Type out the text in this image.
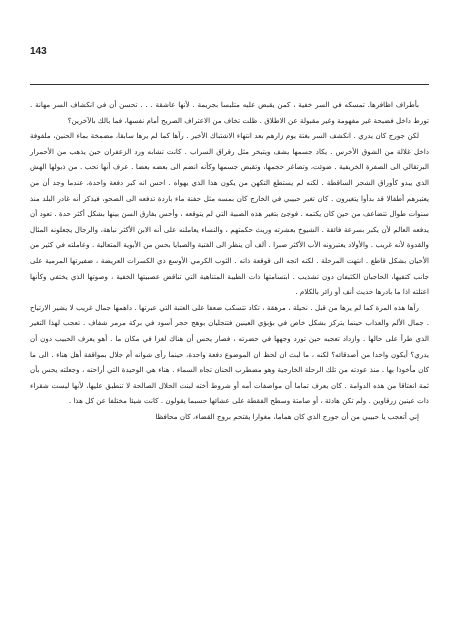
143

بأطراف اظافرها. تمسكه في السر خفية ، كمن يقبض عليه متلبسا بجريمة . لأنها عاشقة . . . تحسن أن في انكشاف السر مهانة . تورط داخل فضيحة غير مفهومة وغير مقبولة عن الاطلاق . ظلت تخاف من الاعتراف الصريح أمام نفسها، فما بالك بالآخرين؟

لكن جورج كان يدري . انكشف السر بغتة يوم زارهم بعد انتهاء الاشتباك الأخير . رآها كما لم يرها سابقا، مضمخة بماء الحنين، ملفوفة داخل غلالة من الشوق الأخرس . يكاد جسمها يشف ويتبخر مثل رقراق السراب . كانت تشابه ورد الزعفران حين يذهب من الأحمرار البرتقالي الى الصفرة الخريفية . ضوئت، وتصاغر حجمها، وتقبض جسمها وكأنه انضم الى بعضه بعضا . عرف أنها تحب . من ذبولها الهش الذي يبدو كأوراق الشجر الساقطة . لكنه لم يستطع التكهن من يكون هذا الذي يهواه . احس انه كبر دفعة واحدة، عندما وجد أن من يعتبرهم أطفالا قد بدأوا يتغيرون . كان تغير حبيبي في الخارج كان بمسه مثل حفنة ماء باردة تدفعه الى الصحو، فيذكر أنه غادر البلد منذ سنوات طوال تتضاعف من حين كان يكتمه . فوجئ بتغير هذه الصبية التي لم يتوقعه ، وأحس بفارق السن بينها بشكل أكثر حدة . تعود أن يدفعه العالم لأن يكبر بسرعة فائقة . الشيوخ بعشرته وريث حكمتهم ، والنساء يعاملنه على أنه الابن الأكثر نباهة، والرجال يجعلونه المثال والقدوة لأنه غريب . والأولاد يعتبرونه الأب الأكثر صبرا . ألف أن ينظر الى الفتية والصبايا بحس من الأبوية المتعالية . وعاملته في كثير من الأحيان بشكل قاطع . انتهت المرحلة . لكنه اتجه الى قوقعة ذاته . الثوب الكرمي الأوسع ذي الكسرات العريضة ، ضفيرتها المرمية على جانب كتفيها، الحاجبان الكثيفان دون تشذيب . ابتسامتها ذات الطيبة المتناهية التي تناقض عصبيتها الخفية ، وصوتها الذي يختفي وكأنها اعتلته اذا ما بادرها حديث أنف أو زائر بالكلام .

رآها هذه المرة كما لم يرها من قبل . نحيلة ، مرهقة ، تكاد تتسكب ضعفا على العتبة التي عبرتها . داهمها جمال غريب لا يشير الارتياح . جمال الألم والعذاب حينما يتركز بشكل خاص في بؤبؤي العينين فتتجليان بوهج حجر أسود في بركة مرمر شفاف . تعجب لهذا التغير الذي طرأ على حالها . وازداد تعجبه حين تورد وجهها في حضرته ، فصار يحس أن هناك لغزا في مكان ما . أهو يعرف الحبيب دون أن يدري؟ أيكون واحدا من أصدقائه؟ لكنه ، ما لبث ان لحظ ان الموضوع دفعة واحدة، حينما رأى شوانه أم جلال بمواقفة أهل هناء . الى ما كان مأخوذا بها . منذ عودته من تلك الرحلة الخارجية وهو مضطرب الحنان تجاه السماء . هناء هي الوحيدة التي أراحته ، وجعلته يحس بأن ثمة انعتاقا من هذه الدوامة . كان يعرف تماما أن مواصفات أمه أو شروط أخته لبنت الحلال الصالحة لا تنطبق عليها، لأنها ليست شقراء ذات عينين زرقاوين . ولم تكن هادئة ، أو صامتة وسطح الفقطة على عشائها حسبما يقولون . كانت شيئا مختلفا عن كل هذا .

إني أتعجب يا حبيبي من أن جورج الذي كان هماما، مغوارا يقتحم بروج القضاء، كان محافظا
